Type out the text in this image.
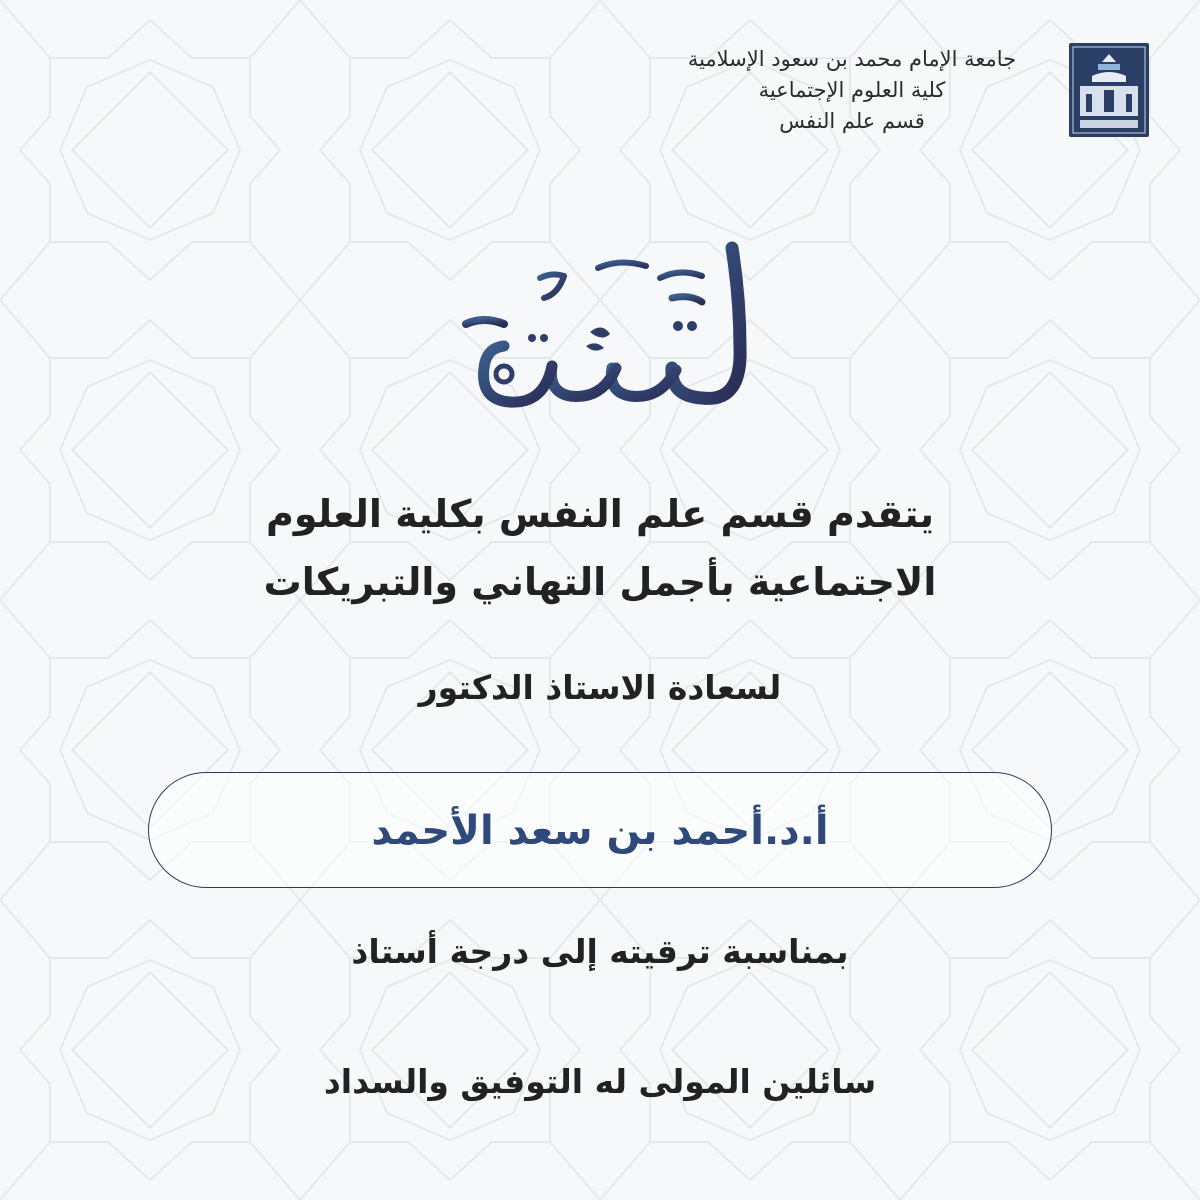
جامعة الإمام محمد بن سعود الإسلامية
كلية العلوم الإجتماعية
قسم علم النفس
يتقدم قسم علم النفس بكلية العلوم
الاجتماعية بأجمل التهاني والتبريكات
لسعادة الاستاذ الدكتور
أ.د.أحمد بن سعد الأحمد
بمناسبة ترقيته إلى درجة أستاذ
سائلين المولى له التوفيق والسداد
